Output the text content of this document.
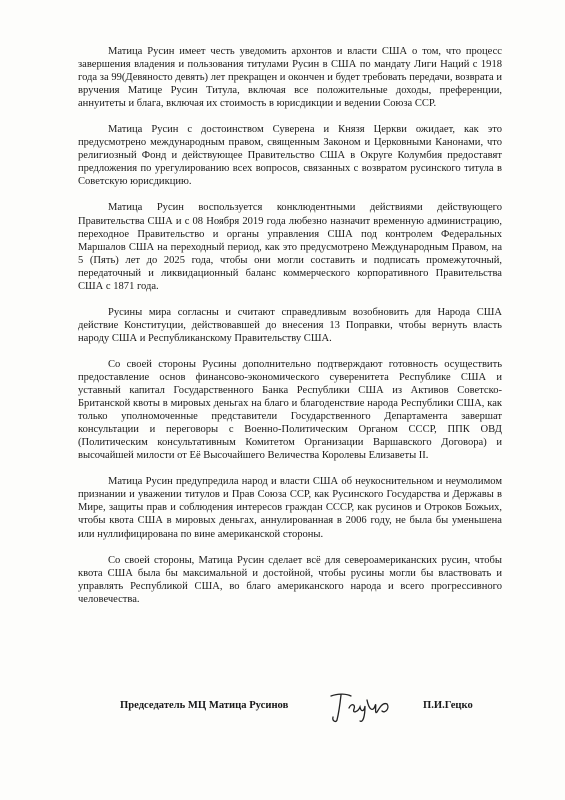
Матица Русин имеет честь уведомить архонтов и власти США о том, что процесс завершения владения и пользования титулами Русин в США по мандату Лиги Наций с 1918 года за 99(Девяносто девять) лет прекращен и окончен и будет требовать передачи, возврата и вручения Матице Русин Титула, включая все положительные доходы, преференции, аннуитеты и блага, включая их стоимость в юрисдикции и ведении Союза ССР.

Матица Русин с достоинством Суверена и Князя Церкви ожидает, как это предусмотрено международным правом, священным Законом и Церковными Канонами, что религиозный Фонд и действующее Правительство США в Округе Колумбия предоставят предложения по урегулированию всех вопросов, связанных с возвратом русинского титула в Советскую юрисдикцию.

Матица Русин воспользуется конклюдентными действиями действующего Правительства США и с 08 Ноября 2019 года любезно назначит временную администрацию, переходное Правительство и органы управления США под контролем Федеральных Маршалов США на переходный период, как это предусмотрено Международным Правом, на 5 (Пять) лет до 2025 года, чтобы они могли составить и подписать промежуточный, передаточный и ликвидационный баланс коммерческого корпоративного Правительства США с 1871 года.

Русины мира согласны и считают справедливым возобновить для Народа США действие Конституции, действовавшей до внесения 13 Поправки, чтобы вернуть власть народу США и Республиканскому Правительству США.

Со своей стороны Русины дополнительно подтверждают готовность осуществить предоставление основ финансово-экономического суверенитета Республике США и уставный капитал Государственного Банка Республики США из Активов Советско-Британской квоты в мировых деньгах на благо и благоденствие народа Республики США, как только уполномоченные представители Государственного Департамента завершат консультации и переговоры с Военно-Политическим Органом СССР, ППК ОВД (Политическим консультативным Комитетом Организации Варшавского Договора) и высочайшей милости от Её Высочайшего Величества Королевы Елизаветы II.

Матица Русин предупредила народ и власти США об неукоснительном и неумолимом признании и уважении титулов и Прав Союза ССР, как Русинского Государства и Державы в Мире, защиты прав и соблюдения интересов граждан СССР, как русинов и Отроков Божьих, чтобы квота США в мировых деньгах, аннулированная в 2006 году, не была бы уменьшена или нуллифицирована по вине американской стороны.

Со своей стороны, Матица Русин сделает всё для североамериканских русин, чтобы квота США была бы максимальной и достойной, чтобы русины могли бы властвовать и управлять Республикой США, во благо американского народа и всего прогрессивного человечества.

Председатель МЦ Матица Русинов	П.И.Гецко
